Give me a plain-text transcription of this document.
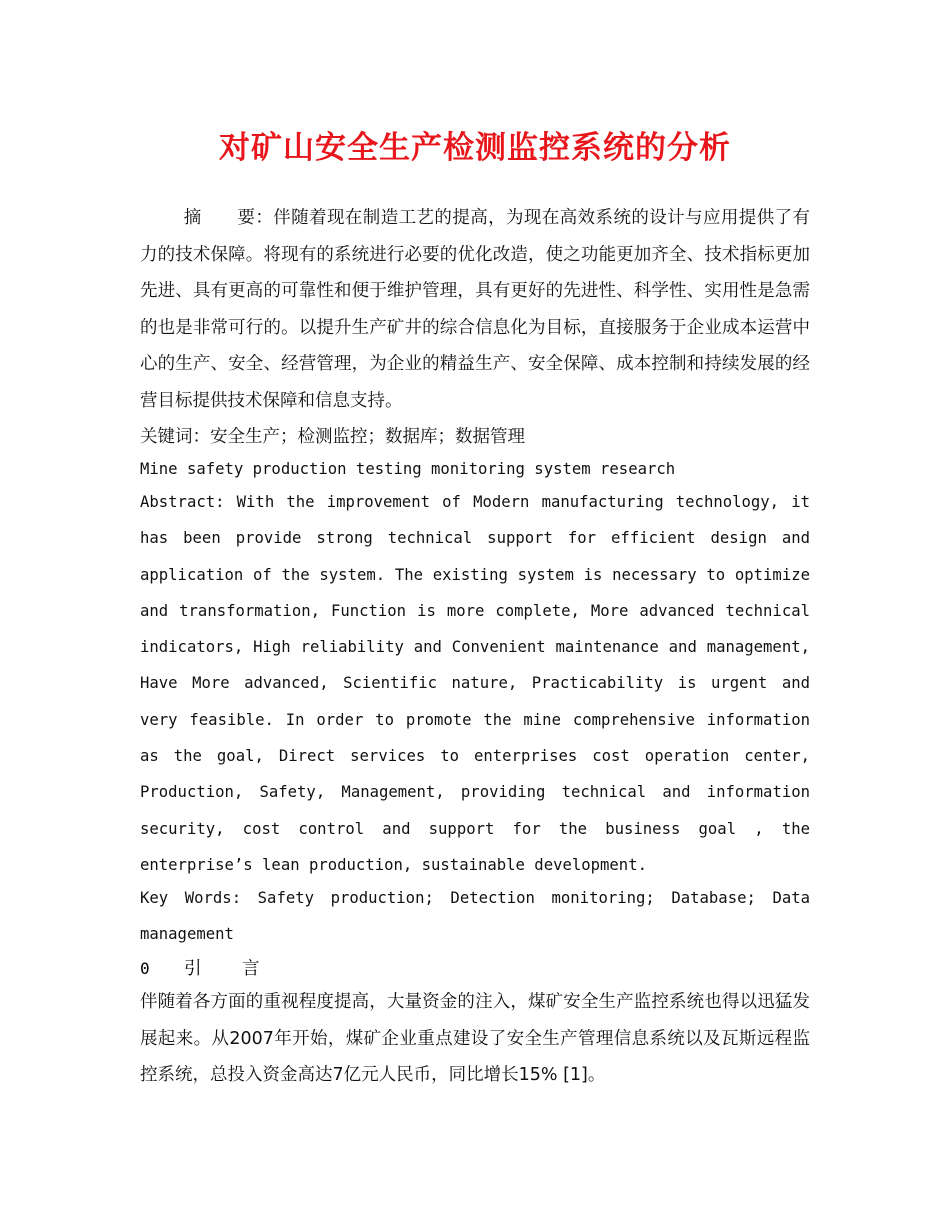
对矿山安全生产检测监控系统的分析

摘　　要：伴随着现在制造工艺的提高，为现在高效系统的设计与应用提供了有力的技术保障。将现有的系统进行必要的优化改造，使之功能更加齐全、技术指标更加先进、具有更高的可靠性和便于维护管理，具有更好的先进性、科学性、实用性是急需的也是非常可行的。以提升生产矿井的综合信息化为目标，直接服务于企业成本运营中心的生产、安全、经营管理，为企业的精益生产、安全保障、成本控制和持续发展的经营目标提供技术保障和信息支持。

关键词：安全生产；检测监控；数据库；数据管理

Mine safety production testing monitoring system research

Abstract: With the improvement of Modern manufacturing technology, it has been provide strong technical support for efficient design and application of the system. The existing system is necessary to optimize and transformation, Function is more complete, More advanced technical indicators, High reliability and Convenient maintenance and management, Have More advanced, Scientific nature, Practicability is urgent and very feasible. In order to promote the mine comprehensive information as the goal, Direct services to enterprises cost operation center, Production, Safety, Management, providing technical and information security, cost control and support for the business goal , the enterprise’s lean production, sustainable development.

Key Words: Safety production; Detection monitoring; Database; Data management

0 引 言

伴随着各方面的重视程度提高，大量资金的注入，煤矿安全生产监控系统也得以迅猛发展起来。从2007年开始，煤矿企业重点建设了安全生产管理信息系统以及瓦斯远程监控系统，总投入资金高达7亿元人民币，同比增长15% [1]。
